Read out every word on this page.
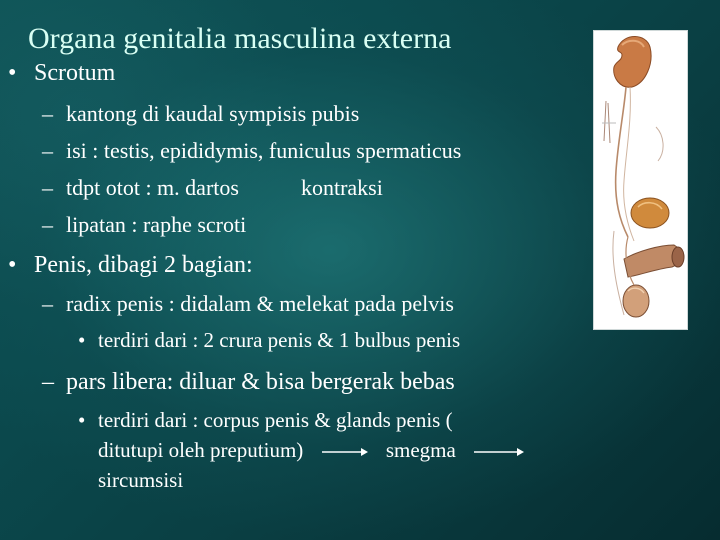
Organa genitalia masculina externa
• Scrotum
– kantong di kaudal sympisis pubis
– isi : testis, epididymis, funiculus spermaticus
– tdpt otot : m. dartos	kontraksi
– lipatan : raphe scroti
• Penis, dibagi 2 bagian:
– radix penis : didalam & melekat pada pelvis
• terdiri dari : 2 crura penis & 1 bulbus penis
– pars libera: diluar & bisa bergerak bebas
• terdiri dari : corpus penis & glands penis (
ditutupi oleh preputium)	smegma
sircumsisi
